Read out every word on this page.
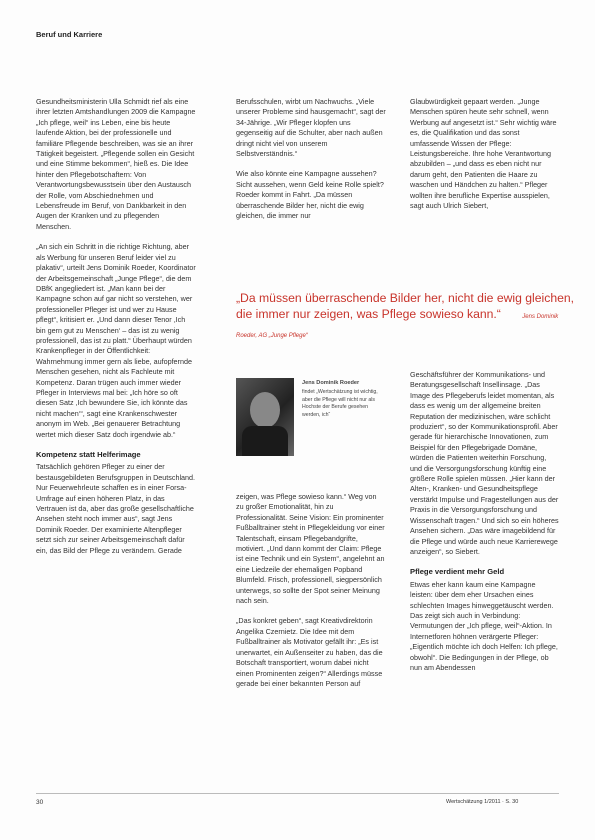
Beruf und Karriere

Gesundheitsministerin Ulla Schmidt rief als eine ihrer letzten Amtshandlungen 2009 die Kampagne „Ich pflege, weil“ ins Leben, eine bis heute laufende Aktion, bei der professionelle und familiäre Pflegende beschreiben, was sie an ihrer Tätigkeit begeistert. „Pflegende sollen ein Gesicht und eine Stimme bekommen“, hieß es. Die Idee hinter den Pflegebotschaftern: Von Verantwortungsbewusstsein über den Austausch der Rolle, vom Abschiednehmen und Lebensfreude im Beruf, von Dankbarkeit in den Augen der Kranken und zu pflegenden Menschen.

„An sich ein Schritt in die richtige Richtung, aber als Werbung für unseren Beruf leider viel zu plakativ“, urteilt Jens Dominik Roeder, Koordinator der Arbeitsgemeinschaft „Junge Pflege“, die dem DBfK angegliedert ist. „Man kann bei der Kampagne schon auf gar nicht so verstehen, wer professioneller Pfleger ist und wer zu Hause pflegt“, kritisiert er. „Und dann dieser Tenor ,Ich bin gern gut zu Menschen‘ – das ist zu wenig professionell, das ist zu platt.“ Überhaupt würden Krankenpfleger in der Öffentlichkeit: Wahrnehmung immer gern als liebe, aufopfernde Menschen gesehen, nicht als Fachleute mit Kompetenz. Daran trügen auch immer wieder Pfleger in Interviews mal bei: „Ich höre so oft diesen Satz ,Ich bewundere Sie, ich könnte das nicht machen‘“, sagt eine Krankenschwester anonym im Web. „Bei genauerer Betrachtung wertet mich dieser Satz doch irgendwie ab.“

Kompetenz statt Helferimage

Tatsächlich gehören Pfleger zu einer der bestausgebildeten Berufsgruppen in Deutschland. Nur Feuerwehrleute schaffen es in einer Forsa-Umfrage auf einen höheren Platz, in das Vertrauen ist da, aber das große gesellschaftliche Ansehen steht noch immer aus“, sagt Jens Dominik Roeder. Der examinierte Altenpfleger setzt sich zur seiner Arbeitsgemeinschaft dafür ein, das Bild der Pflege zu verändern. Gerade

Berufsschulen, wirbt um Nachwuchs. „Viele unserer Probleme sind hausgemacht“, sagt der 34-Jährige. „Wir Pfleger klopfen uns gegenseitig auf die Schulter, aber nach außen dringt nicht viel von unserem Selbstverständnis.“

Wie also könnte eine Kampagne aussehen? Sicht aussehen, wenn Geld keine Rolle spielt? Roeder kommt in Fahrt. „Da müssen überraschende Bilder her, nicht die ewig gleichen, die immer nur

Glaubwürdigkeit gepaart werden. „Junge Menschen spüren heute sehr schnell, wenn Werbung auf angesetzt ist.“ Sehr wichtig wäre es, die Qualifikation und das sonst umfassende Wissen der Pflege: Leistungsbereiche. Ihre hohe Verantwortung abzubilden – „und dass es eben nicht nur darum geht, den Patienten die Haare zu waschen und Händchen zu halten.“ Pfleger wollten ihre berufliche Expertise ausspielen, sagt auch Ulrich Siebert,

„Da müssen überraschende Bilder her, nicht die ewig gleichen, die immer nur zeigen, was Pflege sowieso kann.“	Jens Dominik Roeder, AG „Junge Pflege“
Jens Dominik Roeder
findet „Wertschätzung ist wichtig, aber die Pflege will nicht nur als Hochste der Berufe gesehen werden, ich“

zeigen, was Pflege sowieso kann.“ Weg von zu großer Emotionalität, hin zu Professionalität. Seine Vision: Ein prominenter Fußballtrainer steht in Pflegekleidung vor einer Talentschaft, einsam Pflegebandgrifte, motiviert. „Und dann kommt der Claim: Pflege ist eine Technik und ein System“, angelehnt an eine Liedzeile der ehemaligen Popband Blumfeld. Frisch, professionell, siegpersönlich unterwegs, so sollte der Spot seiner Meinung nach sein.

„Das konkret geben“, sagt Kreativdirektorin Angelika Czernietz. Die Idee mit dem Fußballtrainer als Motivator gefällt ihr: „Es ist unerwartet, ein Außenseiter zu haben, das die Botschaft transportiert, worum dabei nicht einen Prominenten zeigen?“ Allerdings müsse gerade bei einer bekannten Person auf

Geschäftsführer der Kommunikations- und Beratungsgesellschaft Insellinsage. „Das Image des Pflegeberufs leidet momentan, als dass es wenig um der allgemeine breiten Reputation der medizinischen, wäre schlicht produziert“, so der Kommunikationsprofil. Aber gerade für hierarchische Innovationen, zum Beispiel für den Pflegebrigade Domäne, würden die Patienten weiterhin Forschung, und die Versorgungsforschung künftig eine größere Rolle spielen müssen. „Hier kann der Alten-, Kranken- und Gesundheitspflege verstärkt Impulse und Fragestellungen aus der Praxis in die Versorgungsforschung und Wissenschaft tragen.“ Und sich so ein höheres Ansehen sichern. „Das wäre imagebildend für die Pflege und würde auch neue Karrierewege anzeigen“, so Siebert.

Pflege verdient mehr Geld

Etwas eher kann kaum eine Kampagne leisten: über dem eher Ursachen eines schlechten Images hinweggetäuscht werden. Das zeigt sich auch in Verbindung: Vermutungen der „Ich pflege, weil“-Aktion. In Internetforen höhnen verärgerte Pfleger: „Eigentlich möchte ich doch Helfen: Ich pflege, obwohl“. Die Bedingungen in der Pflege, ob nun am Abendessen

30	Wertschätzung 1/2011 · S. 30
